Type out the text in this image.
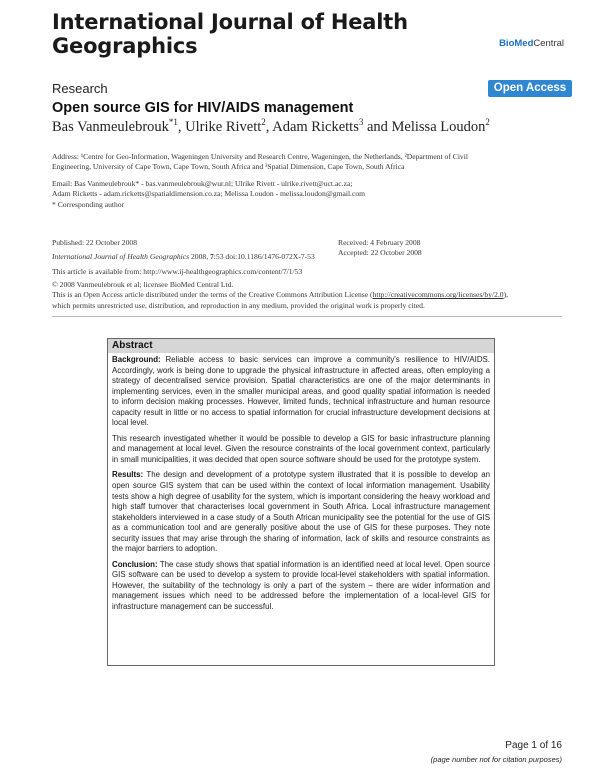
International Journal of Health Geographics	BioMedCentral
Research	Open Access
Open source GIS for HIV/AIDS management
Bas Vanmeulebrouk$^{*1}$, Ulrike Rivett$^2$, Adam Ricketts$^3$ and Melissa Loudon$^2$

Address: ¹Centre for Geo-Information, Wageningen University and Research Centre, Wageningen, the Netherlands, ²Department of Civil

Engineering, University of Cape Town, Cape Town, South Africa and ³Spatial Dimension, Cape Town, South Africa

Email: Bas Vanmeulebrouk* - bas.vanmeulebrouk@wur.nl; Ulrike Rivett - ulrike.rivett@uct.ac.za;

Adam Ricketts - adam.ricketts@spatialdimension.co.za; Melissa Loudon - melissa.loudon@gmail.com

* Corresponding author

Published: 22 October 2008

International Journal of Health Geographics 2008, 7:53 doi:10.1186/1476-072X-7-53

This article is available from: http://www.ij-healthgeographics.com/content/7/1/53

Received: 4 February 2008

Accepted: 22 October 2008

© 2008 Vanmeulebrouk et al; licensee BioMed Central Ltd.

This is an Open Access article distributed under the terms of the Creative Commons Attribution License (http://creativecommons.org/licenses/by/2.0),

which permits unrestricted use, distribution, and reproduction in any medium, provided the original work is properly cited.

Abstract

Background: Reliable access to basic services can improve a community's resilience to HIV/AIDS. Accordingly, work is being done to upgrade the physical infrastructure in affected areas, often employing a strategy of decentralised service provision. Spatial characteristics are one of the major determinants in implementing services, even in the smaller municipal areas, and good quality spatial information is needed to inform decision making processes. However, limited funds, technical infrastructure and human resource capacity result in little or no access to spatial information for crucial infrastructure development decisions at local level.

This research investigated whether it would be possible to develop a GIS for basic infrastructure planning and management at local level. Given the resource constraints of the local government context, particularly in small municipalities, it was decided that open source software should be used for the prototype system.

Results: The design and development of a prototype system illustrated that it is possible to develop an open source GIS system that can be used within the context of local information management. Usability tests show a high degree of usability for the system, which is important considering the heavy workload and high staff turnover that characterises local government in South Africa. Local infrastructure management stakeholders interviewed in a case study of a South African municipality see the potential for the use of GIS as a communication tool and are generally positive about the use of GIS for these purposes. They note security issues that may arise through the sharing of information, lack of skills and resource constraints as the major barriers to adoption.

Conclusion: The case study shows that spatial information is an identified need at local level. Open source GIS software can be used to develop a system to provide local-level stakeholders with spatial information. However, the suitability of the technology is only a part of the system – there are wider information and management issues which need to be addressed before the implementation of a local-level GIS for infrastructure management can be successful.

Page 1 of 16
(page number not for citation purposes)
